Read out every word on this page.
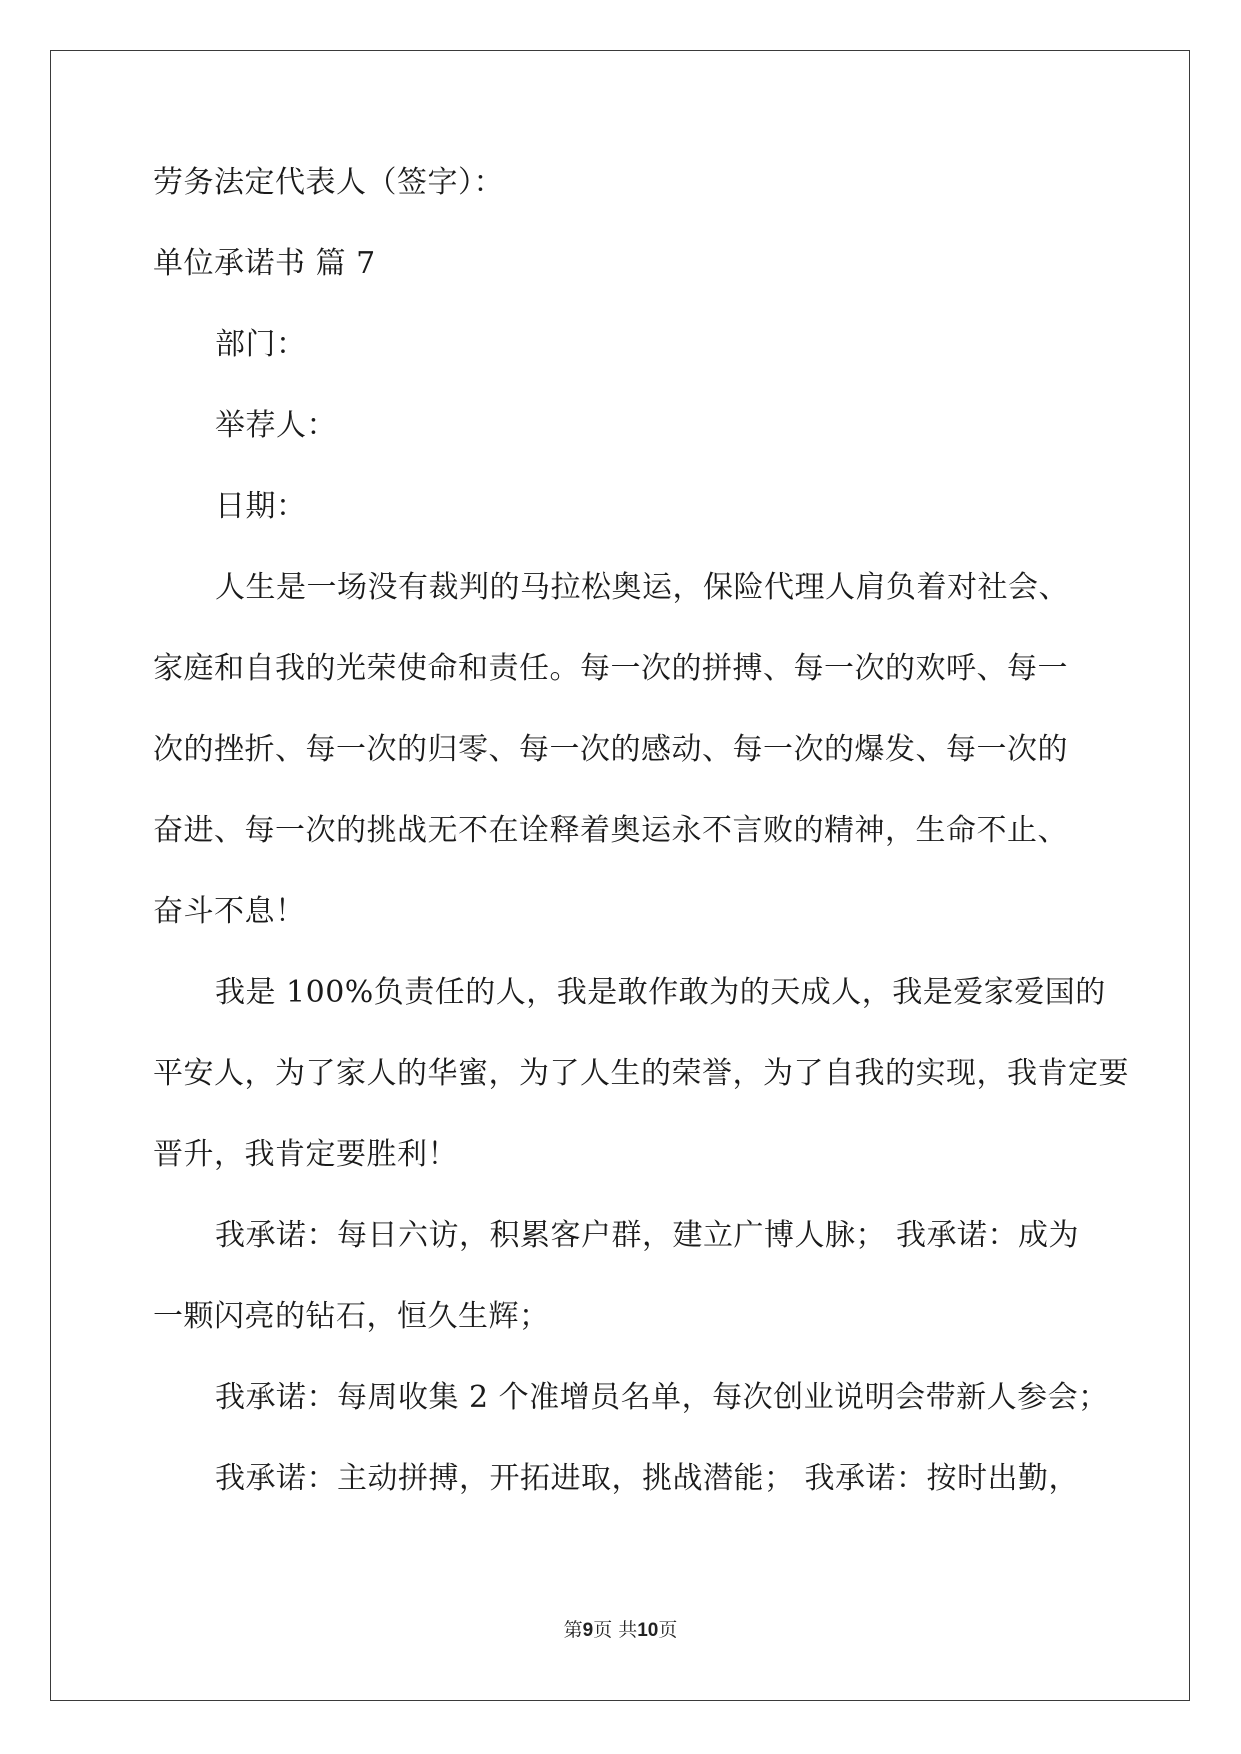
劳务法定代表人（签字）：
单位承诺书 篇 7
部门：
举荐人：
日期：
人生是一场没有裁判的马拉松奥运，保险代理人肩负着对社会、
家庭和自我的光荣使命和责任。每一次的拼搏、每一次的欢呼、每一
次的挫折、每一次的归零、每一次的感动、每一次的爆发、每一次的
奋进、每一次的挑战无不在诠释着奥运永不言败的精神，生命不止、
奋斗不息！
我是 100%负责任的人，我是敢作敢为的天成人，我是爱家爱国的
平安人，为了家人的华蜜，为了人生的荣誉，为了自我的实现，我肯定要
晋升，我肯定要胜利！
我承诺：每日六访，积累客户群，建立广博人脉； 我承诺：成为
一颗闪亮的钻石，恒久生辉；
我承诺：每周收集 2 个准增员名单，每次创业说明会带新人参会；
我承诺：主动拼搏，开拓进取，挑战潜能； 我承诺：按时出勤，
第9页 共10页
